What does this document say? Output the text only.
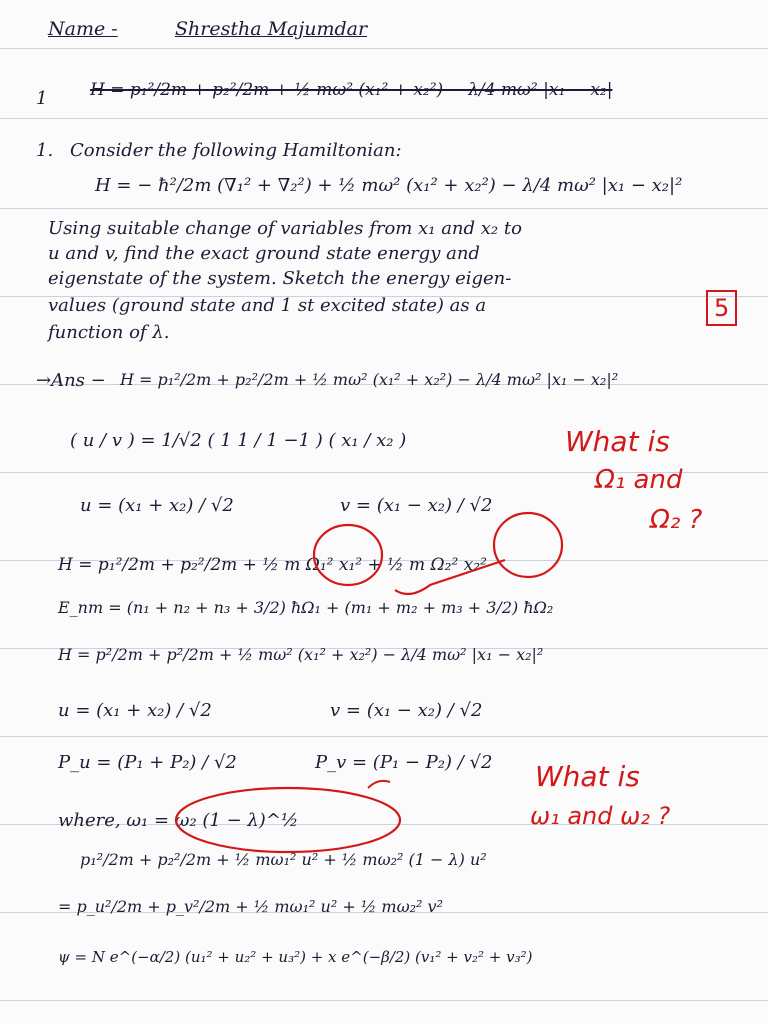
Name -	Shrestha Majumdar
1	H = p₁²/2m + p₂²/2m + ½ mω² (x₁² + x₂²) − λ/4 mω² |x₁ − x₂|
1. Consider the following Hamiltonian:
H = − ħ²/2m (∇₁² + ∇₂²) + ½ mω² (x₁² + x₂²) − λ/4 mω² |x₁ − x₂|²
Using suitable change of variables from x₁ and x₂ to
u and v, find the exact ground state energy and
eigenstate of the system. Sketch the energy eigen-
values (ground state and 1 st excited state) as a
function of λ.
5
→Ans − H = p₁²/2m + p₂²/2m + ½ mω² (x₁² + x₂²) − λ/4 mω² |x₁ − x₂|²
( u / v ) = 1/√2 ( 1 1 / 1 −1 ) ( x₁ / x₂ )
u = (x₁ + x₂) / √2	v = (x₁ − x₂) / √2
H = p₁²/2m + p₂²/2m + ½ m Ω₁² x₁² + ½ m Ω₂² x₂²
E_nm = (n₁ + n₂ + n₃ + 3/2) ħΩ₁ + (m₁ + m₂ + m₃ + 3/2) ħΩ₂
H = p²/2m + p²/2m + ½ mω² (x₁² + x₂²) − λ/4 mω² |x₁ − x₂|²
u = (x₁ + x₂) / √2	v = (x₁ − x₂) / √2
P_u = (P₁ + P₂) / √2	P_v = (P₁ − P₂) / √2
where, ω₁ = ω₂ (1 − λ)^½
p₁²/2m + p₂²/2m + ½ mω₁² u² + ½ mω₂² (1 − λ) u²
= p_u²/2m + p_v²/2m + ½ mω₁² u² + ½ mω₂² v²
ψ = N e^(−α/2) (u₁² + u₂² + u₃²) + x e^(−β/2) (v₁² + v₂² + v₃²)
What is
Ω₁ and
Ω₂ ?
What is
ω₁ and ω₂ ?
